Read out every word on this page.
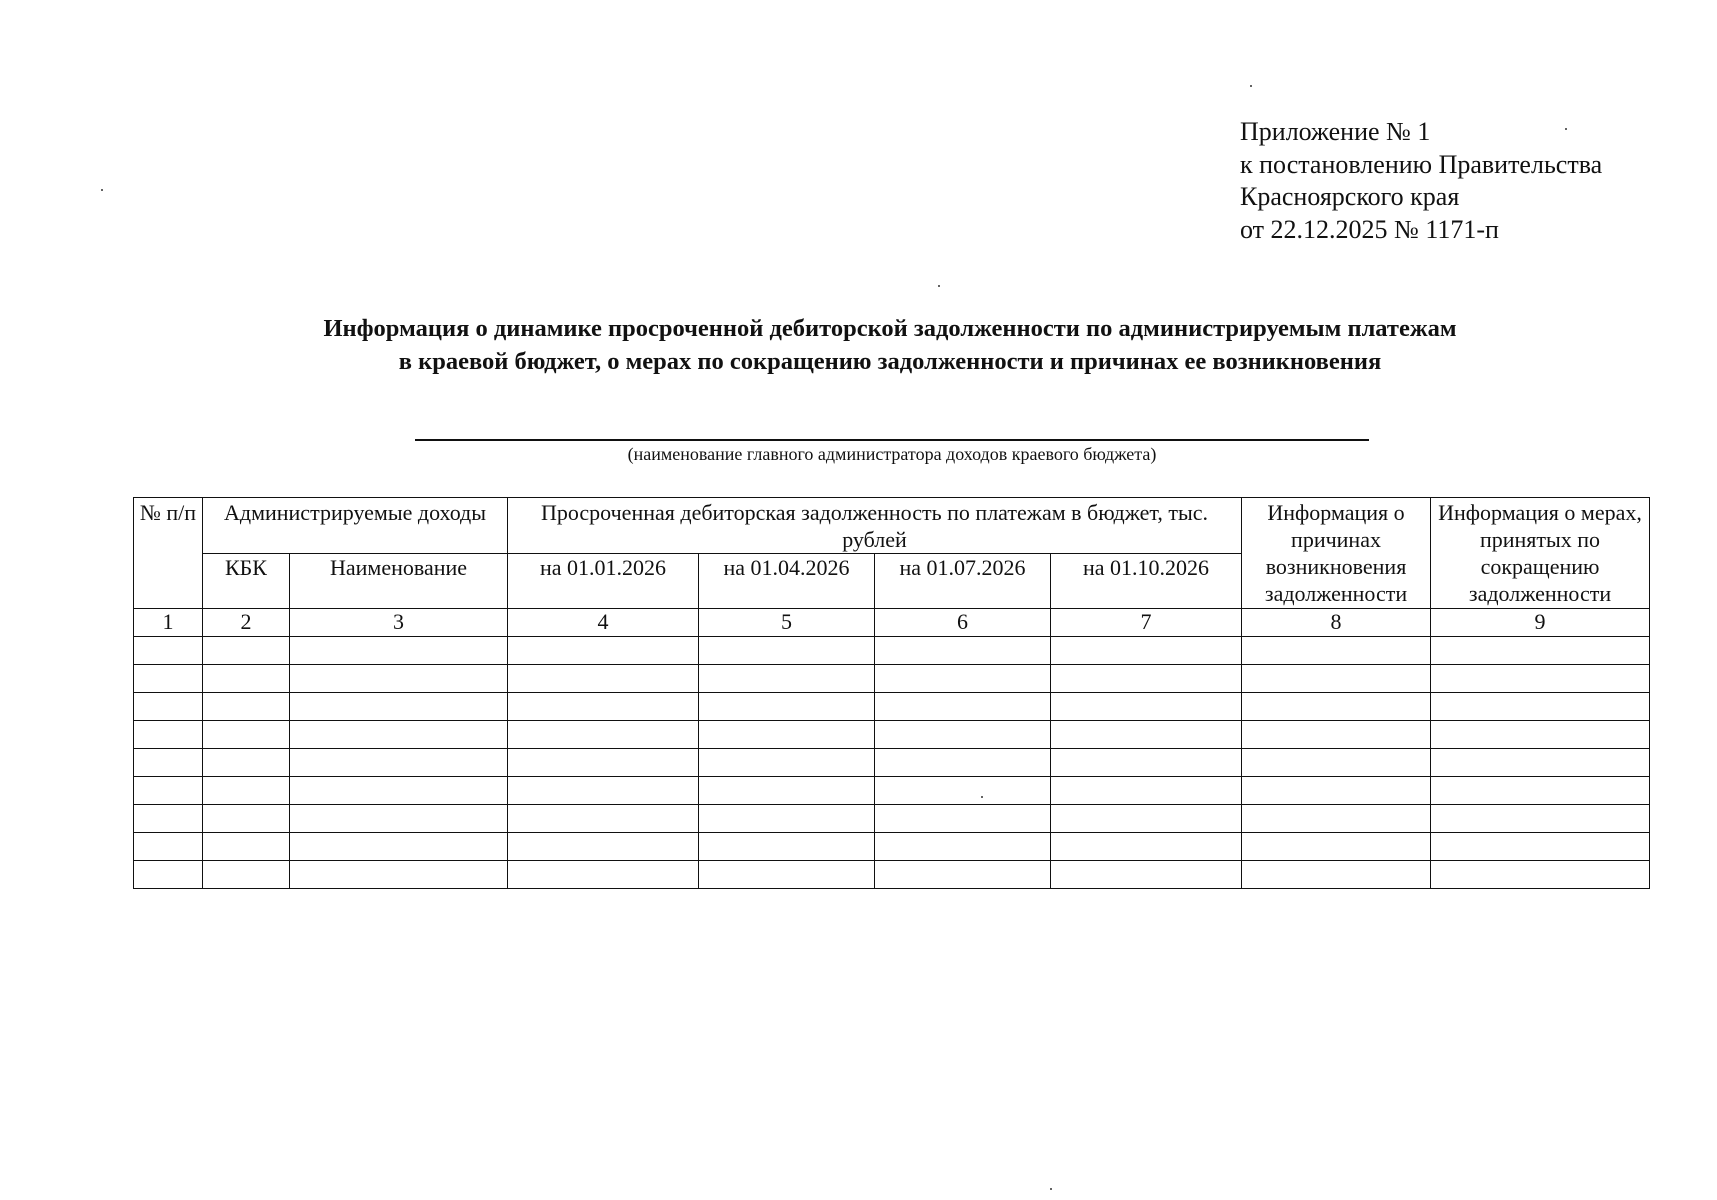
Приложение № 1
к постановлению Правительства
Красноярского края
от 22.12.2025 № 1171-п
Информация о динамике просроченной дебиторской задолженности по администрируемым платежам
в краевой бюджет, о мерах по сокращению задолженности и причинах ее возникновения
(наименование главного администратора доходов краевого бюджета)
№ п/п	Администрируемые доходы		Просроченная дебиторская задолженность по платежам в бюджет, тыс. рублей				Информация о причинах возникновения задолженности	Информация о мерах, принятых по сокращению задолженности
	КБК	Наименование	на 01.01.2026	на 01.04.2026	на 01.07.2026	на 01.10.2026		
1	2	3	4	5	6	7	8	9
